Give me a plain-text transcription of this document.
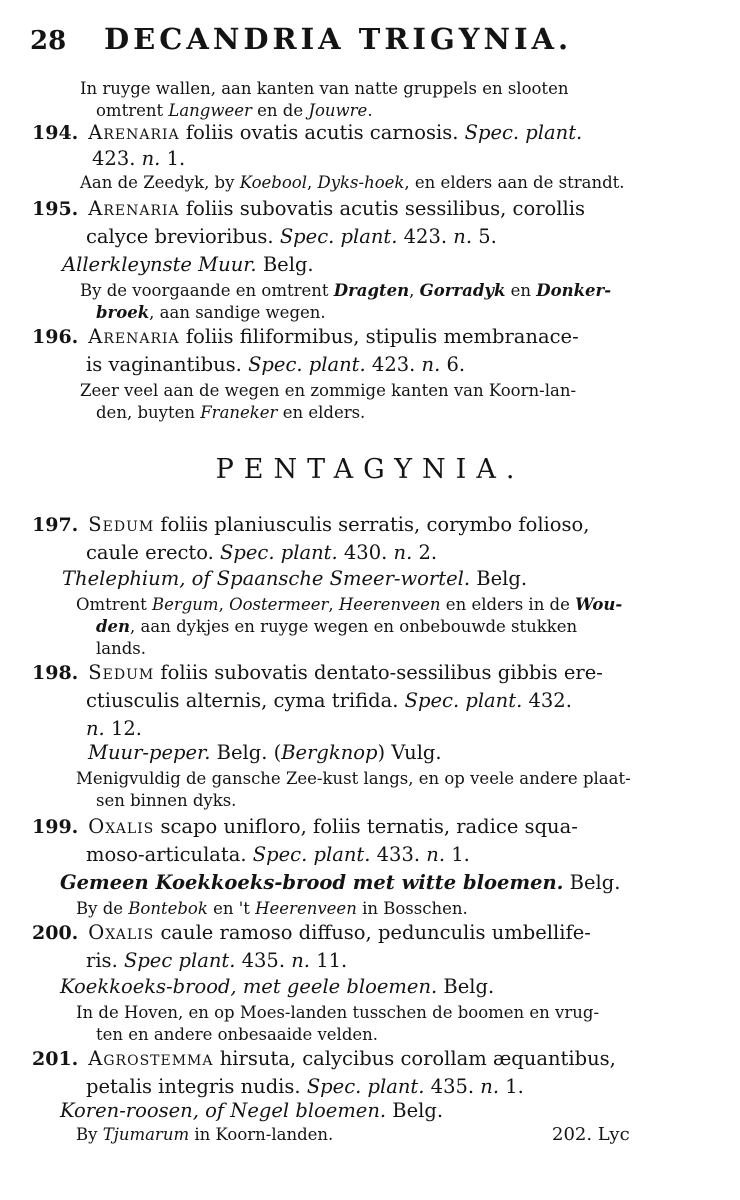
28 DECANDRIA TRIGYNIA.
In ruyge wallen, aan kanten van natte gruppels en slooten
omtrent Langweer en de Jouwre.
194. Arenaria foliis ovatis acutis carnosis. Spec. plant.
423. n. 1.
Aan de Zeedyk, by Koebool, Dyks-hoek, en elders aan de strandt.
195. Arenaria foliis subovatis acutis sessilibus, corollis
calyce brevioribus. Spec. plant. 423. n. 5.
Allerkleynste Muur. Belg.
By de voorgaande en omtrent Dragten, Gorradyk en Donker-
broek, aan sandige wegen.
196. Arenaria foliis filiformibus, stipulis membranace-
is vaginantibus. Spec. plant. 423. n. 6.
Zeer veel aan de wegen en zommige kanten van Koorn-lan-
den, buyten Franeker en elders.
197. Sedum foliis planiusculis serratis, corymbo folioso,
caule erecto. Spec. plant. 430. n. 2.
Thelephium, of Spaansche Smeer-wortel. Belg.
Omtrent Bergum, Oostermeer, Heerenveen en elders in de Wou-
den, aan dykjes en ruyge wegen en onbebouwde stukken
lands.
198. Sedum foliis subovatis dentato-sessilibus gibbis ere-
ctiusculis alternis, cyma trifida. Spec. plant. 432.
n. 12.
Muur-peper. Belg. (Bergknop) Vulg.
Menigvuldig de gansche Zee-kust langs, en op veele andere plaat-
sen binnen dyks.
199. Oxalis scapo unifloro, foliis ternatis, radice squa-
moso-articulata. Spec. plant. 433. n. 1.
Gemeen Koekkoeks-brood met witte bloemen. Belg.
By de Bontebok en 't Heerenveen in Bosschen.
200. Oxalis caule ramoso diffuso, pedunculis umbellife-
ris. Spec plant. 435. n. 11.
Koekkoeks-brood, met geele bloemen. Belg.
In de Hoven, en op Moes-landen tusschen de boomen en vrug-
ten en andere onbesaaide velden.
201. Agrostemma hirsuta, calycibus corollam æquantibus,
petalis integris nudis. Spec. plant. 435. n. 1.
Koren-roosen, of Negel bloemen. Belg.
By Tjumarum in Koorn-landen.
PENTAGYNIA.
202. Lyc
